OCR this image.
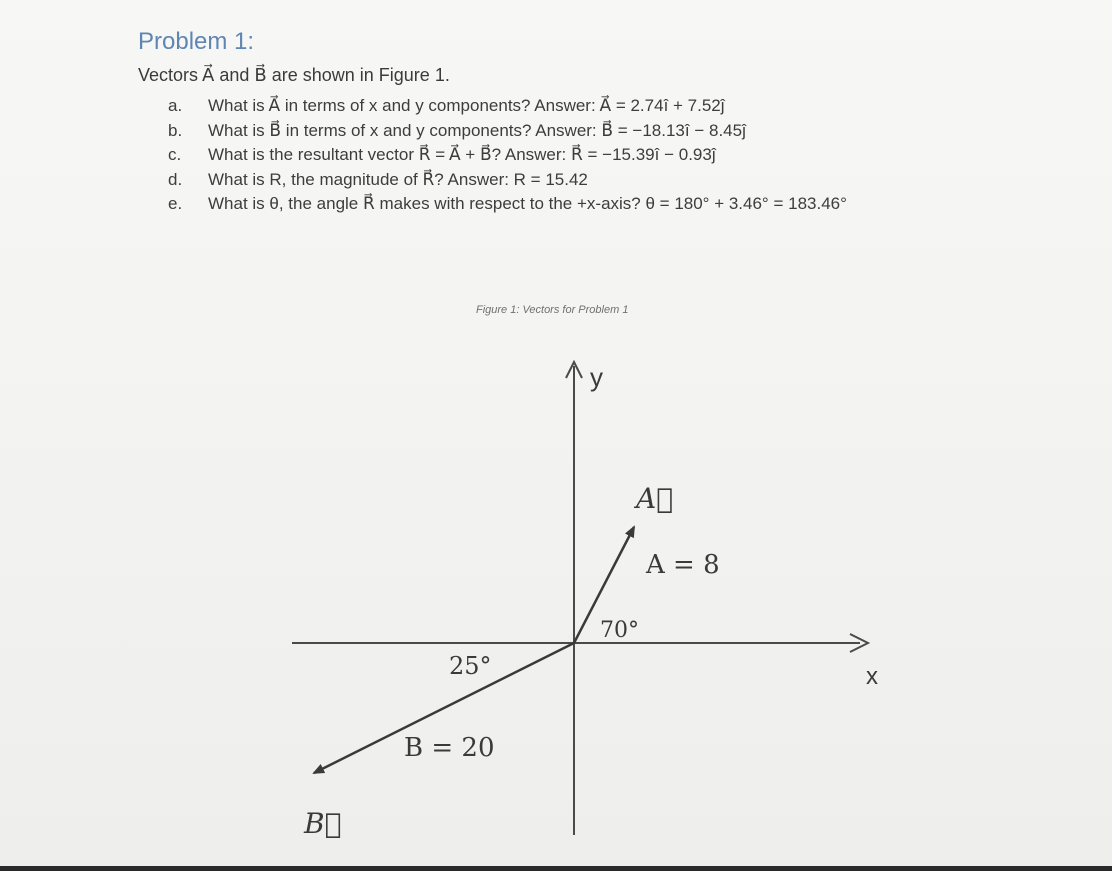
Problem 1:
Vectors A⃗ and B⃗ are shown in Figure 1.
a. What is A⃗ in terms of x and y components? Answer: A⃗ = 2.74î + 7.52ĵ
b. What is B⃗ in terms of x and y components? Answer: B⃗ = −18.13î − 8.45ĵ
c. What is the resultant vector R⃗ = A⃗ + B⃗? Answer: R⃗ = −15.39î − 0.93ĵ
d. What is R, the magnitude of R⃗? Answer: R = 15.42
e. What is θ, the angle R⃗ makes with respect to the +x-axis? θ = 180° + 3.46° = 183.46°
Figure 1: Vectors for Problem 1
x
y
A⃗
A = 8
70°
B⃗
B = 20
25°
